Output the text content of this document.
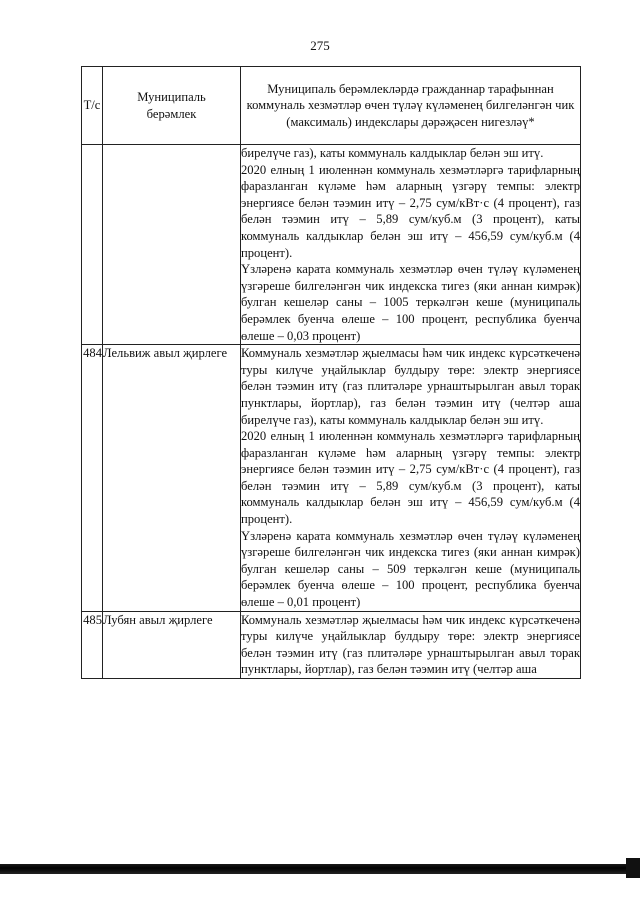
275
Т/с	Муниципаль берәмлек	Муниципаль берәмлекләрдә гражданнар тарафыннан коммуналь хезмәтләр өчен түләү күләменең билгеләнгән чик (максималь) индекслары дәрәҗәсен нигезләү*

		бирелүче газ), каты коммуналь калдыклар белән эш итү.
2020 елның 1 июленнән коммуналь хезмәтләргә тарифларның фаразланган күләме һәм аларның үзгәрү темпы: электр энергиясе белән тәэмин итү – 2,75 сум/кВт·с (4 процент), газ белән тәэмин итү – 5,89 сум/куб.м (3 процент), каты коммуналь калдыклар белән эш итү – 456,59 сум/куб.м (4 процент).
Үзләренә карата коммуналь хезмәтләр өчен түләү күләменең үзгәреше билгеләнгән чик индекска тигез (яки аннан кимрәк) булган кешеләр саны – 1005 теркәлгән кеше (муниципаль берәмлек буенча өлеше – 100 процент, республика буенча өлеше – 0,03 процент)

484	Лельвиж авыл җирлеге	Коммуналь хезмәтләр җыелмасы һәм чик индекс күрсәткеченә туры килүче уңайлыклар булдыру төре: электр энергиясе белән тәэмин итү (газ плитәләре урнаштырылган авыл торак пунктлары, йортлар), газ белән тәэмин итү (челтәр аша бирелүче газ), каты коммуналь калдыклар белән эш итү.
2020 елның 1 июленнән коммуналь хезмәтләргә тарифларның фаразланган күләме һәм аларның үзгәрү темпы: электр энергиясе белән тәэмин итү – 2,75 сум/кВт·с (4 процент), газ белән тәэмин итү – 5,89 сум/куб.м (3 процент), каты коммуналь калдыклар белән эш итү – 456,59 сум/куб.м (4 процент).
Үзләренә карата коммуналь хезмәтләр өчен түләү күләменең үзгәреше билгеләнгән чик индекска тигез (яки аннан кимрәк) булган кешеләр саны – 509 теркәлгән кеше (муниципаль берәмлек буенча өлеше – 100 процент, республика буенча өлеше – 0,01 процент)

485	Лубян авыл җирлеге	Коммуналь хезмәтләр җыелмасы һәм чик индекс күрсәткеченә туры килүче уңайлыклар булдыру төре: электр энергиясе белән тәэмин итү (газ плитәләре урнаштырылган авыл торак пунктлары, йортлар), газ белән тәэмин итү (челтәр аша
